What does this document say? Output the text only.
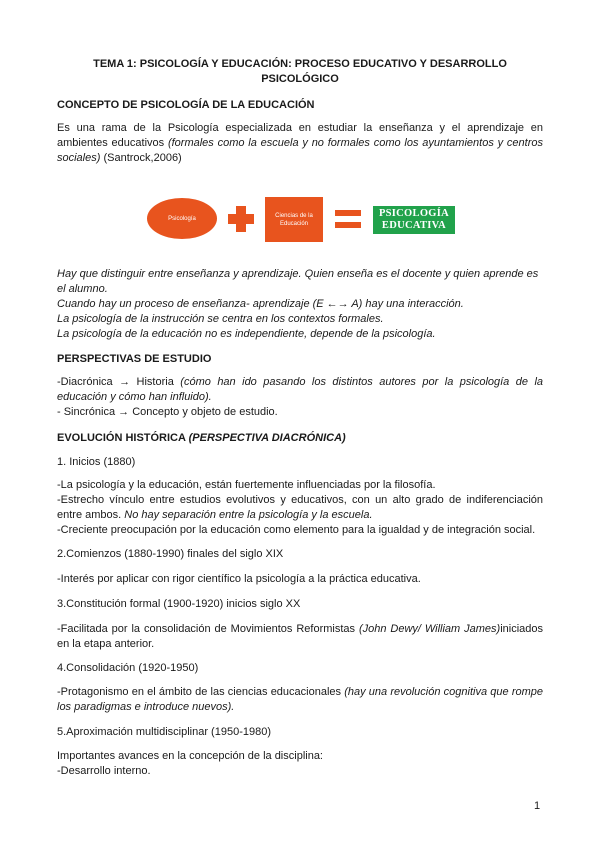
TEMA 1: PSICOLOGÍA Y EDUCACIÓN: PROCESO EDUCATIVO Y DESARROLLO
PSICOLÓGICO
CONCEPTO DE PSICOLOGÍA DE LA EDUCACIÓN
Es una rama de la Psicología especializada en estudiar la enseñanza y el aprendizaje en ambientes educativos (formales como la escuela y no formales como los ayuntamientos y centros sociales) (Santrock,2006)
Psicología	Ciencias de la Educación
PSICOLOGÍA
EDUCATIVA
Hay que distinguir entre enseñanza y aprendizaje. Quien enseña es el docente y quien aprende es el alumno.
Cuando hay un proceso de enseñanza- aprendizaje (E ←→ A) hay una interacción.
La psicología de la instrucción se centra en los contextos formales.
La psicología de la educación no es independiente, depende de la psicología.
PERSPECTIVAS DE ESTUDIO
-Diacrónica → Historia (cómo han ido pasando los distintos autores por la psicología de la educación y cómo han influido).
- Sincrónica → Concepto y objeto de estudio.
EVOLUCIÓN HISTÓRICA (PERSPECTIVA DIACRÓNICA)
1. Inicios (1880)
-La psicología y la educación, están fuertemente influenciadas por la filosofía.
-Estrecho vínculo entre estudios evolutivos y educativos, con un alto grado de indiferenciación entre ambos. No hay separación entre la psicología y la escuela.
-Creciente preocupación por la educación como elemento para la igualdad y de integración social.
2.Comienzos (1880-1990) finales del siglo XIX
-Interés por aplicar con rigor científico la psicología a la práctica educativa.
3.Constitución formal (1900-1920) inicios siglo XX
-Facilitada por la consolidación de Movimientos Reformistas (John Dewy/ William James)iniciados en la etapa anterior.
4.Consolidación (1920-1950)
-Protagonismo en el ámbito de las ciencias educacionales (hay una revolución cognitiva que rompe los paradigmas e introduce nuevos).
5.Aproximación multidisciplinar (1950-1980)
Importantes avances en la concepción de la disciplina:
-Desarrollo interno.
1
